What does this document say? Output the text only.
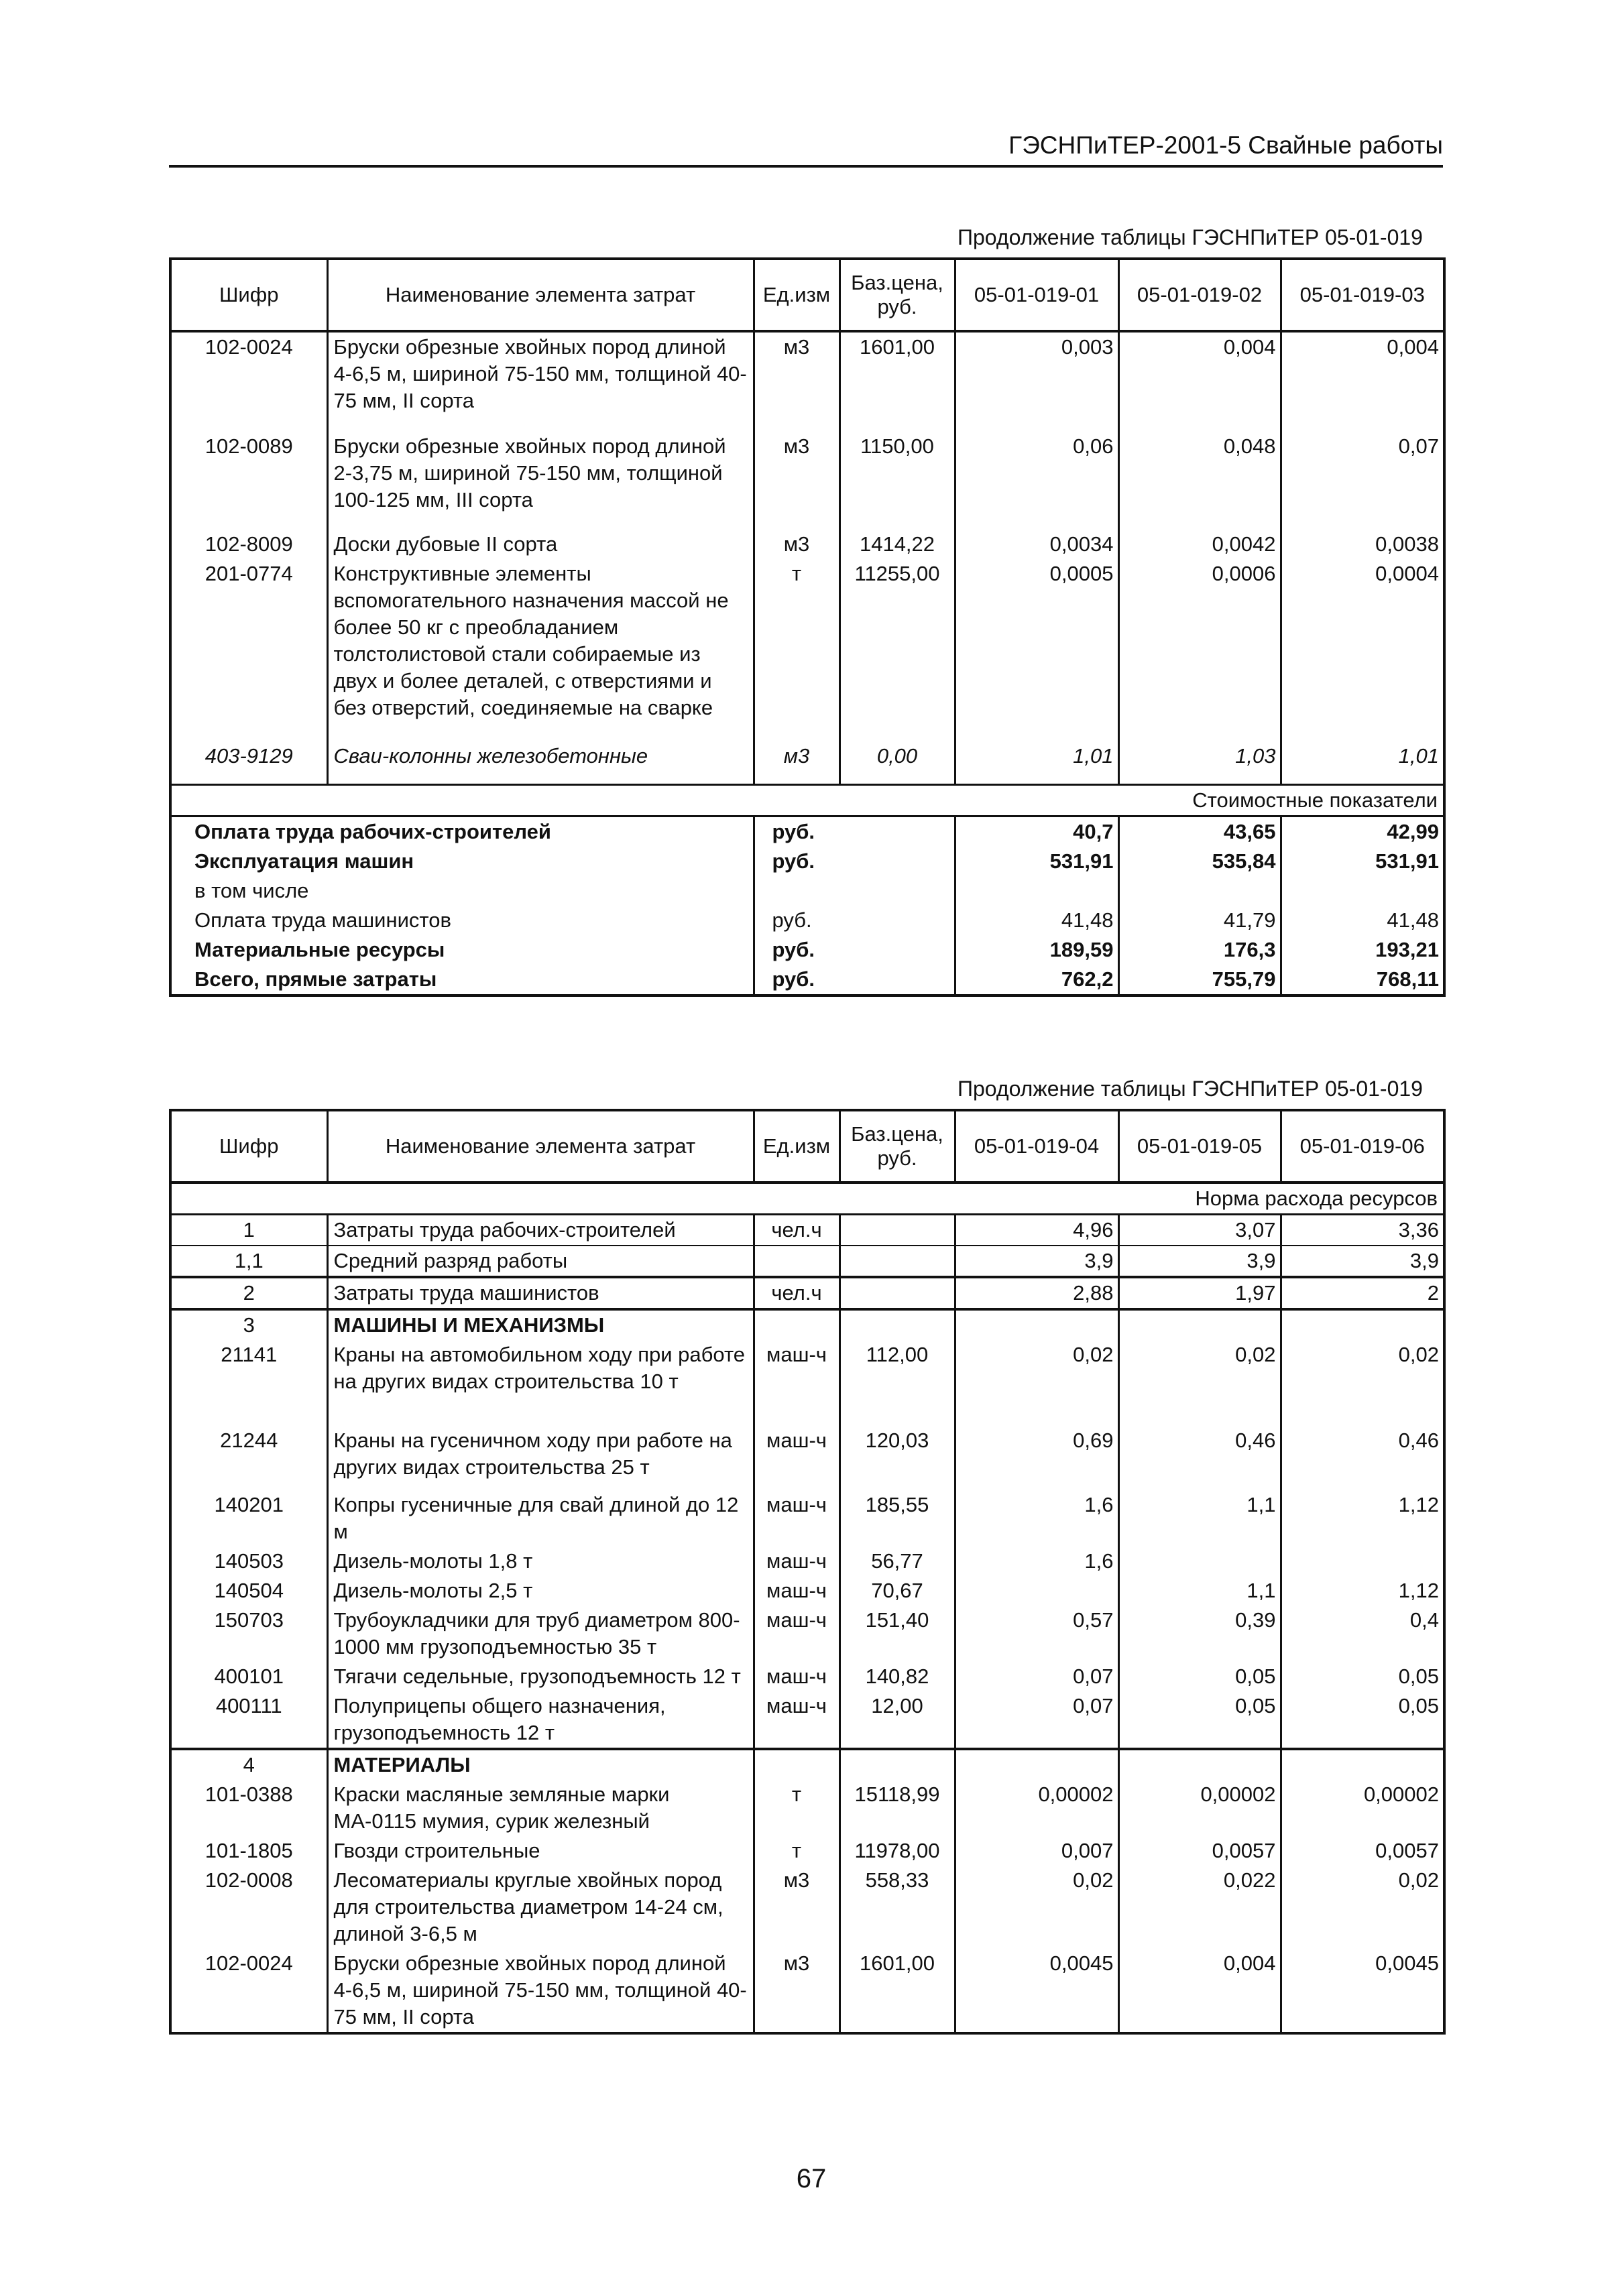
ГЭСНПиТЕР-2001-5 Свайные работы
Продолжение таблицы ГЭСНПиТЕР 05-01-019
Шифр	Наименование элемента затрат	Ед.изм	Баз.цена, руб.	05-01-019-01	05-01-019-02	05-01-019-03
102-0024	Бруски обрезные хвойных пород длиной 4-6,5 м, шириной 75-150 мм, толщиной 40-75 мм, II сорта	м3	1601,00	0,003	0,004	0,004
102-0089	Бруски обрезные хвойных пород длиной 2-3,75 м, шириной 75-150 мм, толщиной 100-125 мм, III сорта	м3	1150,00	0,06	0,048	0,07
102-8009	Доски дубовые II сорта	м3	1414,22	0,0034	0,0042	0,0038
201-0774	Конструктивные элементы вспомогательного назначения массой не более 50 кг с преобладанием толстолистовой стали собираемые из двух и более деталей, с отверстиями и без отверстий, соединяемые на сварке	т	11255,00	0,0005	0,0006	0,0004
403-9129	Сваи-колонны железобетонные	м3	0,00	1,01	1,03	1,01
Стоимостные показатели						
Оплата труда рабочих-строителей		руб.		40,7	43,65	42,99
Эксплуатация машин		руб.		531,91	535,84	531,91
в том числе						
Оплата труда машинистов		руб.		41,48	41,79	41,48
Материальные ресурсы		руб.		189,59	176,3	193,21
Всего, прямые затраты		руб.		762,2	755,79	768,11
Продолжение таблицы ГЭСНПиТЕР 05-01-019
Шифр	Наименование элемента затрат	Ед.изм	Баз.цена, руб.	05-01-019-04	05-01-019-05	05-01-019-06
Норма расхода ресурсов						
1	Затраты труда рабочих-строителей	чел.ч		4,96	3,07	3,36
1,1	Средний разряд работы			3,9	3,9	3,9
2	Затраты труда машинистов	чел.ч		2,88	1,97	2
3	МАШИНЫ И МЕХАНИЗМЫ					
21141	Краны на автомобильном ходу при работе на других видах строительства 10 т	маш-ч	112,00	0,02	0,02	0,02
21244	Краны на гусеничном ходу при работе на других видах строительства 25 т	маш-ч	120,03	0,69	0,46	0,46
140201	Копры гусеничные для свай длиной до 12 м	маш-ч	185,55	1,6	1,1	1,12
140503	Дизель-молоты 1,8 т	маш-ч	56,77	1,6		
140504	Дизель-молоты 2,5 т	маш-ч	70,67		1,1	1,12
150703	Трубоукладчики для труб диаметром 800-1000 мм грузоподъемностью 35 т	маш-ч	151,40	0,57	0,39	0,4
400101	Тягачи седельные, грузоподъемность 12 т	маш-ч	140,82	0,07	0,05	0,05
400111	Полуприцепы общего назначения, грузоподъемность 12 т	маш-ч	12,00	0,07	0,05	0,05
4	МАТЕРИАЛЫ					
101-0388	Краски масляные земляные марки МА-0115 мумия, сурик железный	т	15118,99	0,00002	0,00002	0,00002
101-1805	Гвозди строительные	т	11978,00	0,007	0,0057	0,0057
102-0008	Лесоматериалы круглые хвойных пород для строительства диаметром 14-24 см, длиной 3-6,5 м	м3	558,33	0,02	0,022	0,02
102-0024	Бруски обрезные хвойных пород длиной 4-6,5 м, шириной 75-150 мм, толщиной 40-75 мм, II сорта	м3	1601,00	0,0045	0,004	0,0045
67
